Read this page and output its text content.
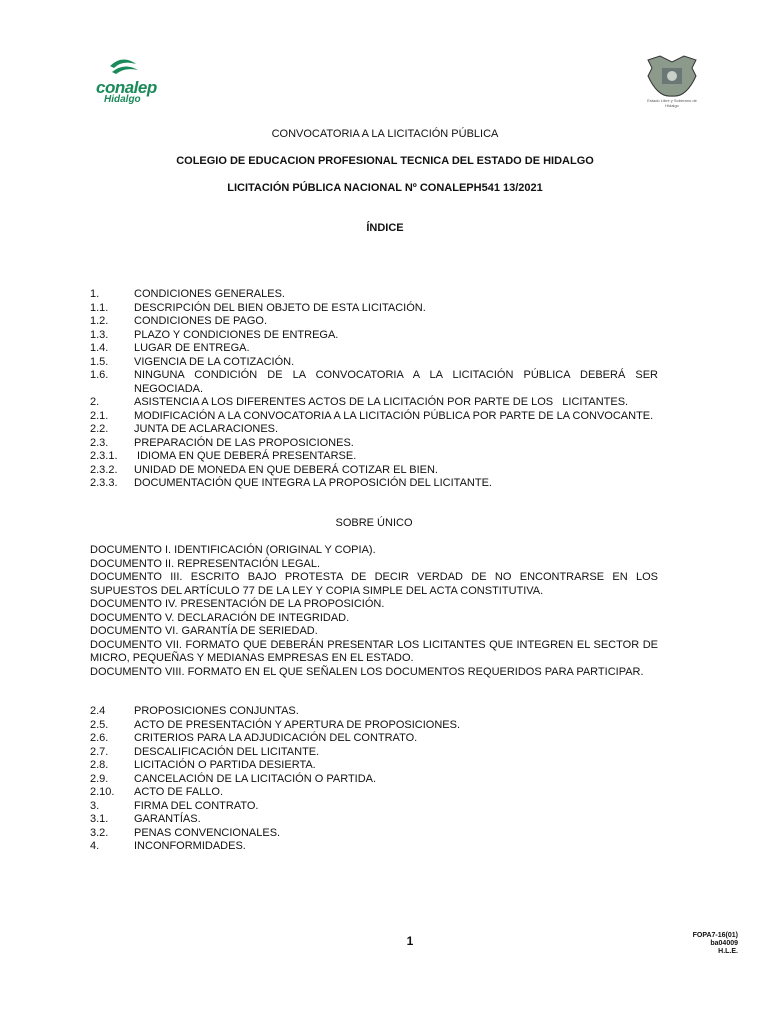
conalep
Hidalgo	Estado Libre y Soberano de Hidalgo
CONVOCATORIA A LA LICITACIÓN PÚBLICA
COLEGIO DE EDUCACION PROFESIONAL TECNICA DEL ESTADO DE HIDALGO
LICITACIÓN PÚBLICA NACIONAL Nº CONALEPH541 13/2021
ÍNDICE
1.	CONDICIONES GENERALES.
1.1.	DESCRIPCIÓN DEL BIEN OBJETO DE ESTA LICITACIÓN.
1.2.	CONDICIONES DE PAGO.
1.3.	PLAZO Y CONDICIONES DE ENTREGA.
1.4.	LUGAR DE ENTREGA.
1.5.	VIGENCIA DE LA COTIZACIÓN.
1.6.	NINGUNA CONDICIÓN DE LA CONVOCATORIA A LA LICITACIÓN PÚBLICA DEBERÁ SER NEGOCIADA.
2.	ASISTENCIA A LOS DIFERENTES ACTOS DE LA LICITACIÓN POR PARTE DE LOS   LICITANTES.
2.1.	MODIFICACIÓN A LA CONVOCATORIA A LA LICITACIÓN PÚBLICA POR PARTE DE LA CONVOCANTE.
2.2.	JUNTA DE ACLARACIONES.
2.3.	PREPARACIÓN DE LAS PROPOSICIONES.
2.3.1.	IDIOMA EN QUE DEBERÁ PRESENTARSE.
2.3.2.	UNIDAD DE MONEDA EN QUE DEBERÁ COTIZAR EL BIEN.
2.3.3.	DOCUMENTACIÓN QUE INTEGRA LA PROPOSICIÓN DEL LICITANTE.
SOBRE ÚNICO
DOCUMENTO I. IDENTIFICACIÓN (ORIGINAL Y COPIA).
DOCUMENTO II. REPRESENTACIÓN LEGAL.
DOCUMENTO III. ESCRITO BAJO PROTESTA DE DECIR VERDAD DE NO ENCONTRARSE EN LOS SUPUESTOS DEL ARTÍCULO 77 DE LA LEY Y COPIA SIMPLE DEL ACTA CONSTITUTIVA.
DOCUMENTO IV. PRESENTACIÓN DE LA PROPOSICIÓN.
DOCUMENTO V. DECLARACIÓN DE INTEGRIDAD.
DOCUMENTO VI. GARANTÍA DE SERIEDAD.
DOCUMENTO VII. FORMATO QUE DEBERÁN PRESENTAR LOS LICITANTES QUE INTEGREN EL SECTOR DE MICRO, PEQUEÑAS Y MEDIANAS EMPRESAS EN EL ESTADO.
DOCUMENTO VIII. FORMATO EN EL QUE SEÑALEN LOS DOCUMENTOS REQUERIDOS PARA PARTICIPAR.
2.4	PROPOSICIONES CONJUNTAS.
2.5.	ACTO DE PRESENTACIÓN Y APERTURA DE PROPOSICIONES.
2.6.	CRITERIOS PARA LA ADJUDICACIÓN DEL CONTRATO.
2.7.	DESCALIFICACIÓN DEL LICITANTE.
2.8.	LICITACIÓN O PARTIDA DESIERTA.
2.9.	CANCELACIÓN DE LA LICITACIÓN O PARTIDA.
2.10.	ACTO DE FALLO.
3.	FIRMA DEL CONTRATO.
3.1.	GARANTÍAS.
3.2.	PENAS CONVENCIONALES.
4.	INCONFORMIDADES.
1	FOPA7-16(01)
ba04009
H.L.E.
